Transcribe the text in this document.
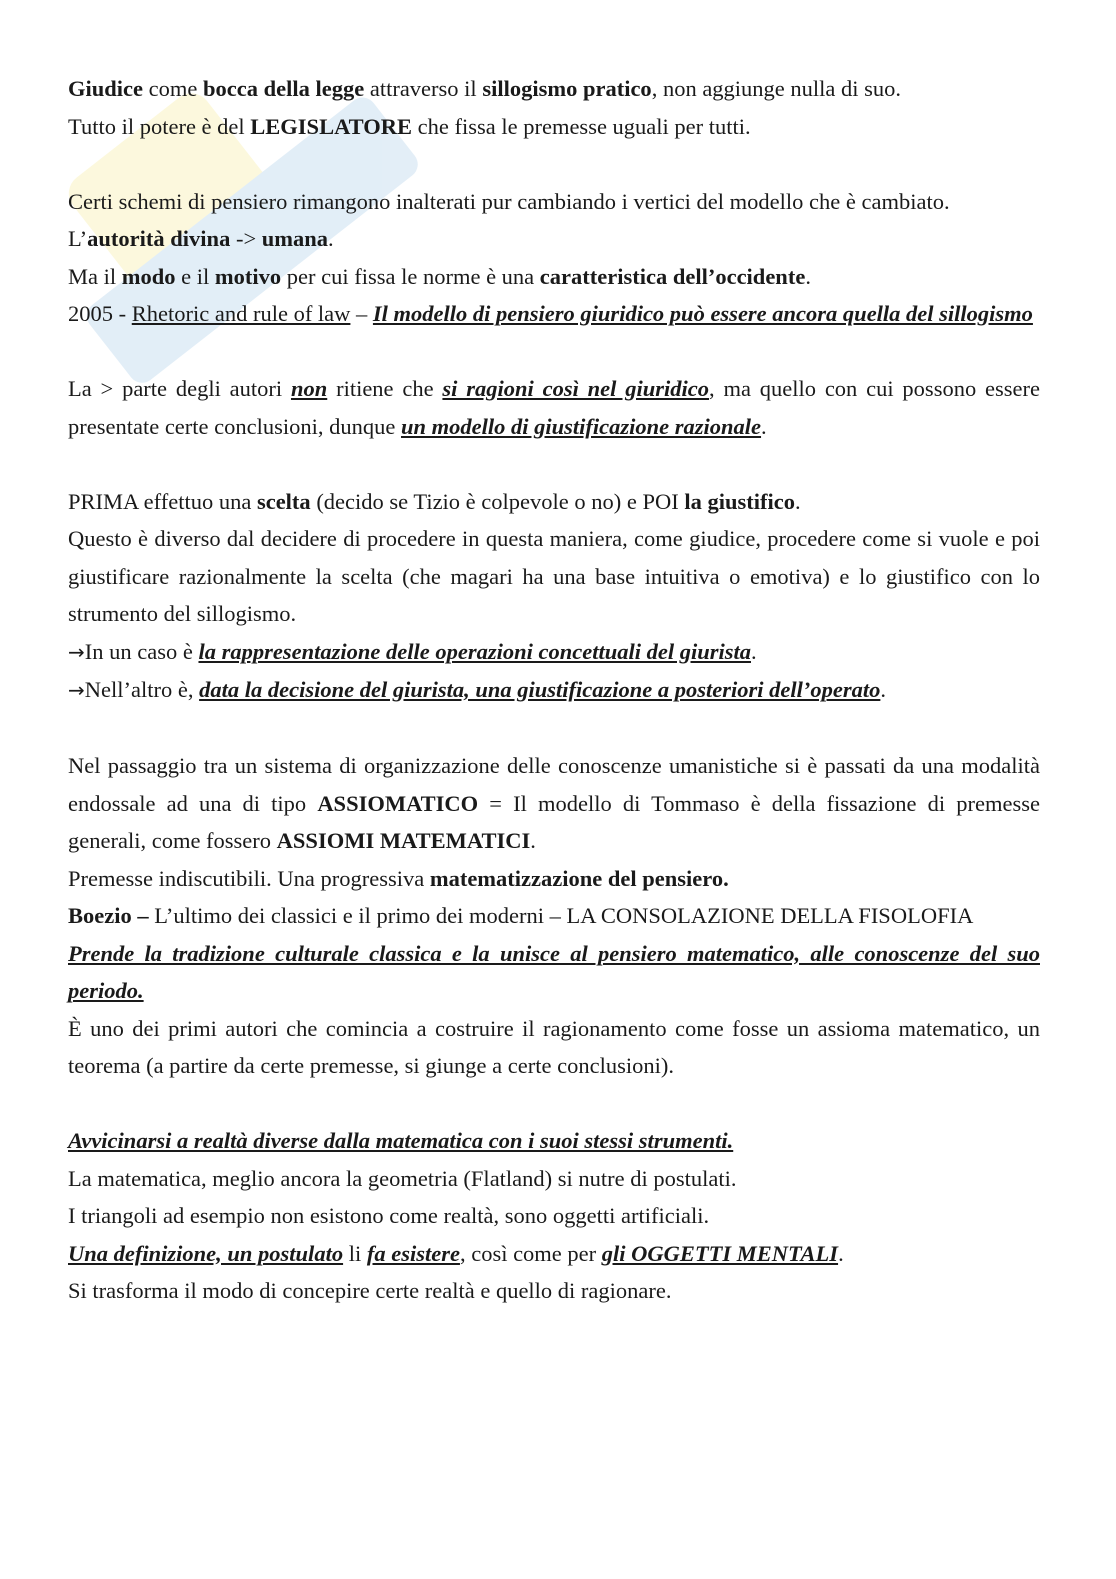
Giudice come bocca della legge attraverso il sillogismo pratico, non aggiunge nulla di suo.

Tutto il potere è del LEGISLATORE che fissa le premesse uguali per tutti.

Certi schemi di pensiero rimangono inalterati pur cambiando i vertici del modello che è cambiato.

L’autorità divina -> umana.

Ma il modo e il motivo per cui fissa le norme è una caratteristica dell’occidente.

2005 - Rhetoric and rule of law – Il modello di pensiero giuridico può essere ancora quella del sillogismo

La > parte degli autori non ritiene che si ragioni così nel giuridico, ma quello con cui possono essere presentate certe conclusioni, dunque un modello di giustificazione razionale.

PRIMA effettuo una scelta (decido se Tizio è colpevole o no) e POI la giustifico.

Questo è diverso dal decidere di procedere in questa maniera, come giudice, procedere come si vuole e poi giustificare razionalmente la scelta (che magari ha una base intuitiva o emotiva) e lo giustifico con lo strumento del sillogismo.

→In un caso è la rappresentazione delle operazioni concettuali del giurista.

→Nell’altro è, data la decisione del giurista, una giustificazione a posteriori dell’operato.

Nel passaggio tra un sistema di organizzazione delle conoscenze umanistiche si è passati da una modalità endossale ad una di tipo ASSIOMATICO = Il modello di Tommaso è della fissazione di premesse generali, come fossero ASSIOMI MATEMATICI.

Premesse indiscutibili. Una progressiva matematizzazione del pensiero.

Boezio – L’ultimo dei classici e il primo dei moderni – LA CONSOLAZIONE DELLA FISOLOFIA

Prende la tradizione culturale classica e la unisce al pensiero matematico, alle conoscenze del suo periodo.

È uno dei primi autori che comincia a costruire il ragionamento come fosse un assioma matematico, un teorema (a partire da certe premesse, si giunge a certe conclusioni).

Avvicinarsi a realtà diverse dalla matematica con i suoi stessi strumenti.

La matematica, meglio ancora la geometria (Flatland) si nutre di postulati.

I triangoli ad esempio non esistono come realtà, sono oggetti artificiali.

Una definizione, un postulato li fa esistere, così come per gli OGGETTI MENTALI.

Si trasforma il modo di concepire certe realtà e quello di ragionare.
